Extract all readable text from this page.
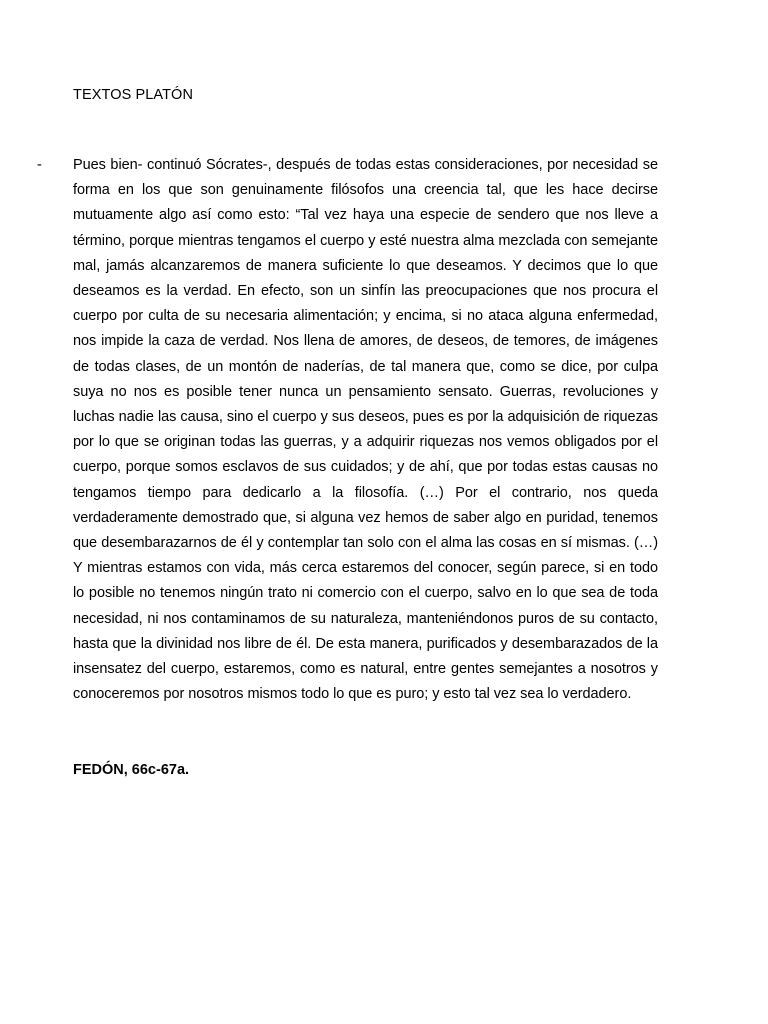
TEXTOS PLATÓN
- Pues bien- continuó Sócrates-, después de todas estas consideraciones, por necesidad se forma en los que son genuinamente filósofos una creencia tal, que les hace decirse mutuamente algo así como esto: “Tal vez haya una especie de sendero que nos lleve a término, porque mientras tengamos el cuerpo y esté nuestra alma mezclada con semejante mal, jamás alcanzaremos de manera suficiente lo que deseamos. Y decimos que lo que deseamos es la verdad. En efecto, son un sinfín las preocupaciones que nos procura el cuerpo por culta de su necesaria alimentación; y encima, si no ataca alguna enfermedad, nos impide la caza de verdad. Nos llena de amores, de deseos, de temores, de imágenes de todas clases, de un montón de naderías, de tal manera que, como se dice, por culpa suya no nos es posible tener nunca un pensamiento sensato. Guerras, revoluciones y luchas nadie las causa, sino el cuerpo y sus deseos, pues es por la adquisición de riquezas por lo que se originan todas las guerras, y a adquirir riquezas nos vemos obligados por el cuerpo, porque somos esclavos de sus cuidados; y de ahí, que por todas estas causas no tengamos tiempo para dedicarlo a la filosofía. (…) Por el contrario, nos queda verdaderamente demostrado que, si alguna vez hemos de saber algo en puridad, tenemos que desembarazarnos de él y contemplar tan solo con el alma las cosas en sí mismas. (…) Y mientras estamos con vida, más cerca estaremos del conocer, según parece, si en todo lo posible no tenemos ningún trato ni comercio con el cuerpo, salvo en lo que sea de toda necesidad, ni nos contaminamos de su naturaleza, manteniéndonos puros de su contacto, hasta que la divinidad nos libre de él. De esta manera, purificados y desembarazados de la insensatez del cuerpo, estaremos, como es natural, entre gentes semejantes a nosotros y conoceremos por nosotros mismos todo lo que es puro; y esto tal vez sea lo verdadero.

FEDÓN, 66c-67a.
